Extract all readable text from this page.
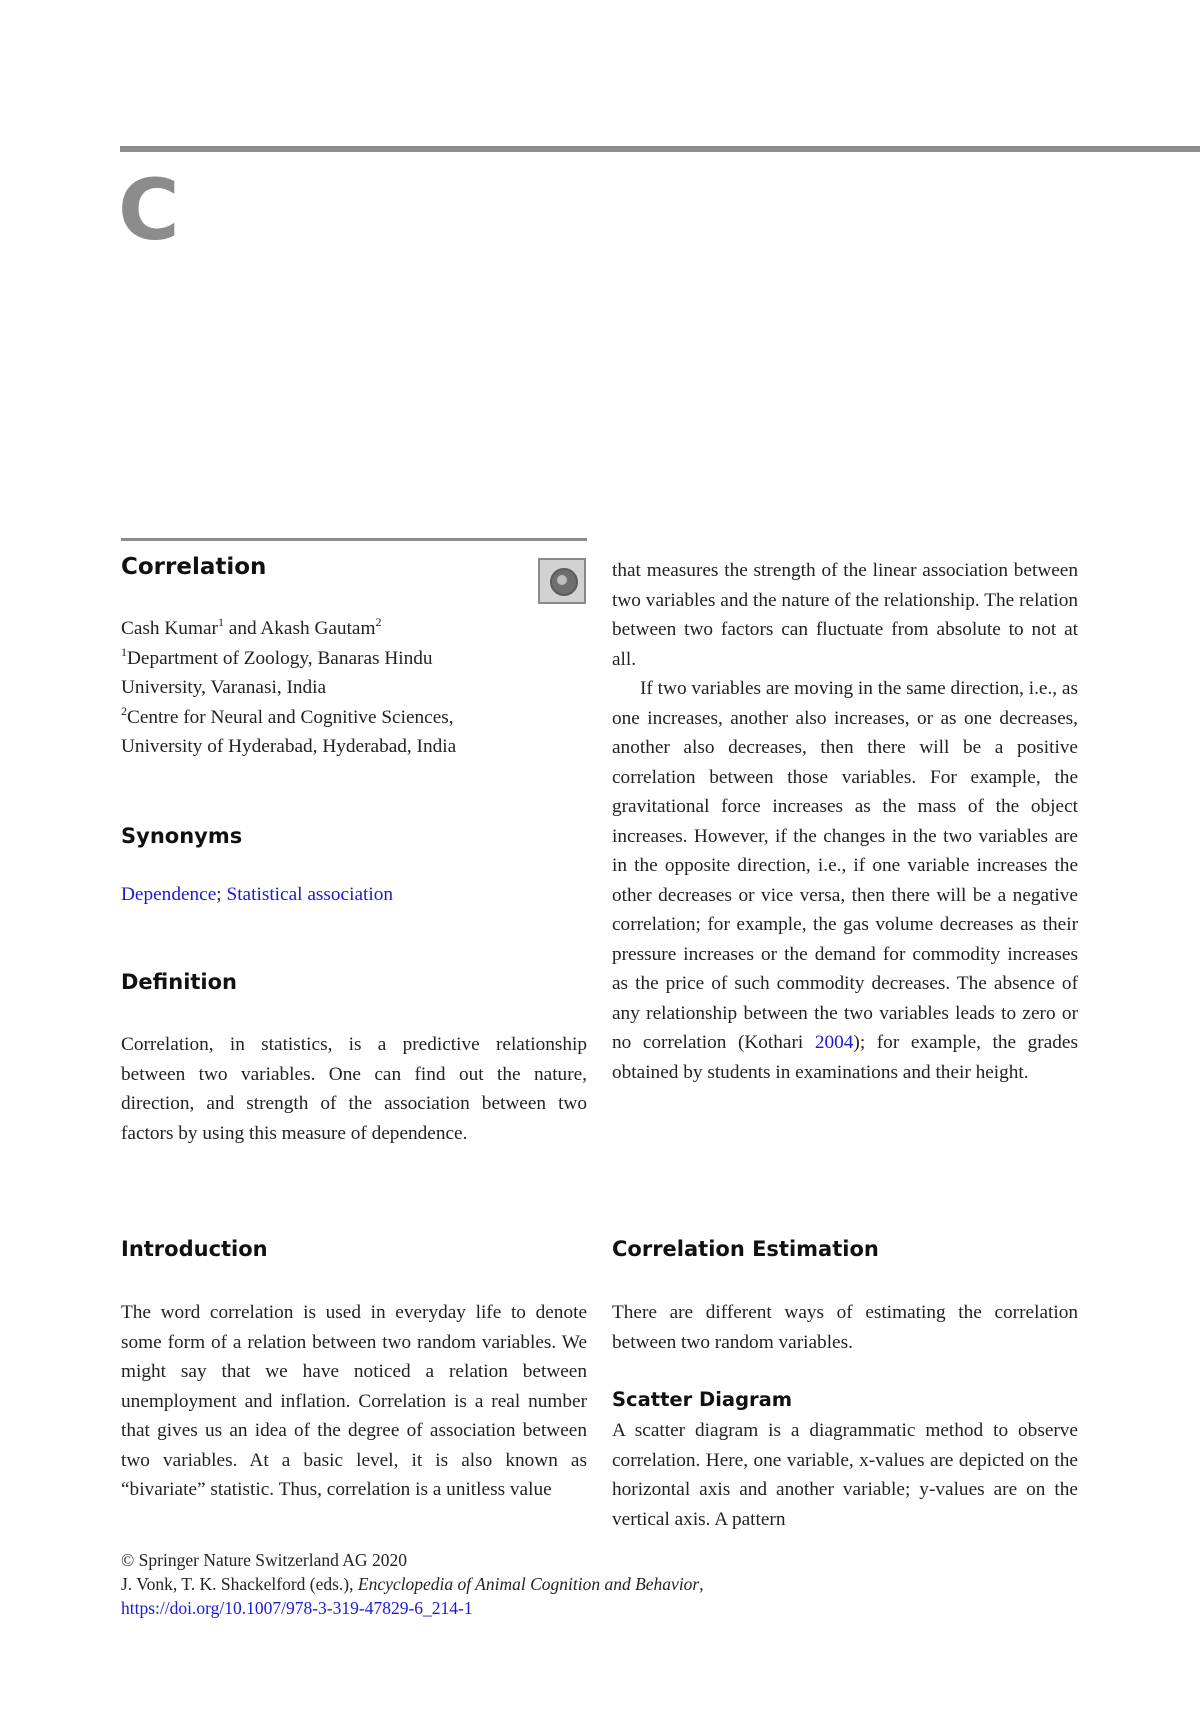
C
Correlation
Cash Kumar$^1$ and Akash Gautam$^2$
$^1$Department of Zoology, Banaras Hindu
University, Varanasi, India
$^2$Centre for Neural and Cognitive Sciences,
University of Hyderabad, Hyderabad, India
Synonyms
Dependence; Statistical association
Definition

Correlation, in statistics, is a predictive relationship between two variables. One can find out the nature, direction, and strength of the association between two factors by using this measure of dependence.

Introduction

The word correlation is used in everyday life to denote some form of a relation between two random variables. We might say that we have noticed a relation between unemployment and inflation. Correlation is a real number that gives us an idea of the degree of association between two variables. At a basic level, it is also known as “bivariate” statistic. Thus, correlation is a unitless value

that measures the strength of the linear association between two variables and the nature of the relationship. The relation between two factors can fluctuate from absolute to not at all.

If two variables are moving in the same direction, i.e., as one increases, another also increases, or as one decreases, another also decreases, then there will be a positive correlation between those variables. For example, the gravitational force increases as the mass of the object increases. However, if the changes in the two variables are in the opposite direction, i.e., if one variable increases the other decreases or vice versa, then there will be a negative correlation; for example, the gas volume decreases as their pressure increases or the demand for commodity increases as the price of such commodity decreases. The absence of any relationship between the two variables leads to zero or no correlation (Kothari 2004); for example, the grades obtained by students in examinations and their height.

Correlation Estimation

There are different ways of estimating the correlation between two random variables.

Scatter Diagram

A scatter diagram is a diagrammatic method to observe correlation. Here, one variable, x-values are depicted on the horizontal axis and another variable; y-values are on the vertical axis. A pattern

© Springer Nature Switzerland AG 2020
J. Vonk, T. K. Shackelford (eds.), Encyclopedia of Animal Cognition and Behavior,
https://doi.org/10.1007/978-3-319-47829-6_214-1
